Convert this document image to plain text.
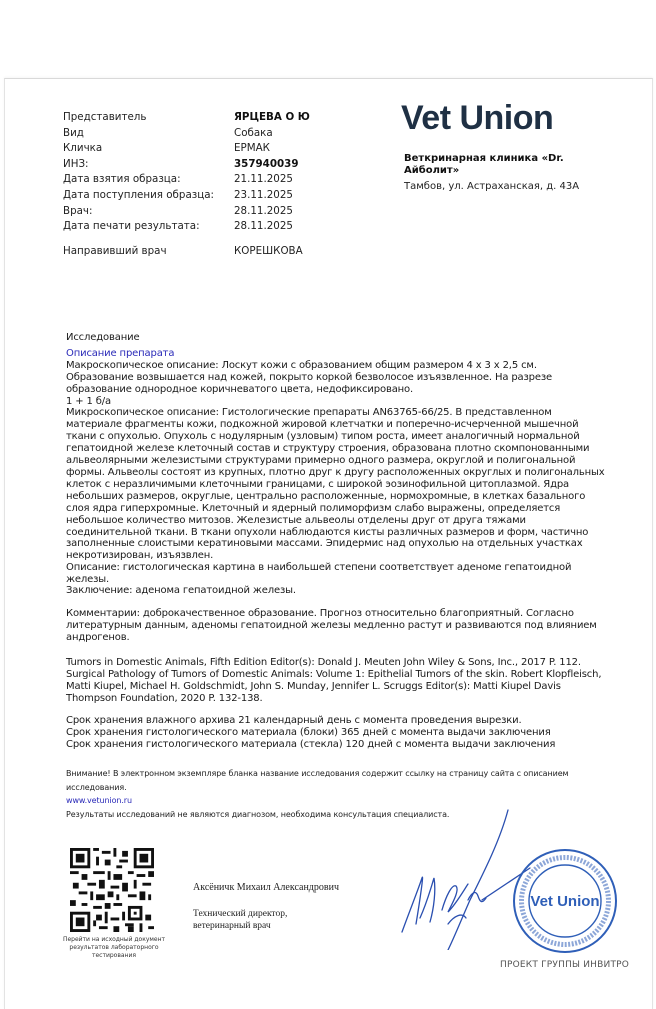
Представитель	ЯРЦЕВА О Ю
Вид	Собака
Кличка	ЕРМАК
ИНЗ:	357940039
Дата взятия образца:	21.11.2025
Дата поступления образца:	23.11.2025
Врач:	28.11.2025
Дата печати результата:	28.11.2025
Направивший врач	КОРЕШКОВА
Vet Union
Веткринарная клиника «Dr. Айболит»
Тамбов, ул. Астраханская, д. 43А

Исследование

Описание препарата

Макроскопическое описание: Лоскут кожи с образованием общим размером 4 х 3 х 2,5 см. Образование возвышается над кожей, покрыто коркой безволосое изъязвленное. На разрезе образование однородное коричневатого цвета, недофиксировано.

1 + 1 б/а

Микроскопическое описание: Гистологические препараты AN63765-66/25. В представленном материале фрагменты кожи, подкожной жировой клетчатки и поперечно-исчерченной мышечной ткани с опухолью. Опухоль с нодулярным (узловым) типом роста, имеет аналогичный нормальной гепатоидной железе клеточный состав и структуру строения, образована плотно скомпонованными альвеолярными железистыми структурами примерно одного размера, округлой и полигональной формы. Альвеолы состоят из крупных, плотно друг к другу расположенных округлых и полигональных клеток с неразличимыми клеточными границами, с широкой эозинофильной цитоплазмой. Ядра небольших размеров, округлые, центрально расположенные, нормохромные, в клетках базального слоя ядра гиперхромные. Клеточный и ядерный полиморфизм слабо выражены, определяется небольшое количество митозов. Железистые альвеолы отделены друг от друга тяжами соединительной ткани. В ткани опухоли наблюдаются кисты различных размеров и форм, частично заполненные слоистыми кератиновыми массами. Эпидермис над опухолью на отдельных участках некротизирован, изъязвлен.

Описание: гистологическая картина в наибольшей степени соответствует аденоме гепатоидной железы.
Заключение: аденома гепатоидной железы.
Комментарии: доброкачественное образование. Прогноз относительно благоприятный. Согласно литературным данным, аденомы гепатоидной железы медленно растут и развиваются под влиянием андрогенов.

Tumors in Domestic Animals, Fifth Edition Editor(s): Donald J. Meuten John Wiley & Sons, Inc., 2017 P. 112.

Surgical Pathology of Tumors of Domestic Animals: Volume 1: Epithelial Tumors of the skin. Robert Klopfleisch, Matti Kiupel, Michael H. Goldschmidt, John S. Munday, Jennifer L. Scruggs Editor(s): Matti Kiupel Davis Thompson Foundation, 2020 P. 132-138.

Срок хранения влажного архива 21 календарный день с момента проведения вырезки.

Срок хранения гистологического материала (блоки) 365 дней с момента выдачи заключения

Срок хранения гистологического материала (стекла) 120 дней с момента выдачи заключения

Внимание! В электронном экземпляре бланка название исследования содержит ссылку на страницу сайта с описанием исследования.
www.vetunion.ru
Результаты исследований не являются диагнозом, необходима консультация специалиста.
Перейти на исходный документ результатов лабораторного тестирования
Аксёничк Михаил Александрович
Технический директор,
ветеринарный врач
Vet Union
ПРОЕКТ ГРУППЫ ИНВИТРО
